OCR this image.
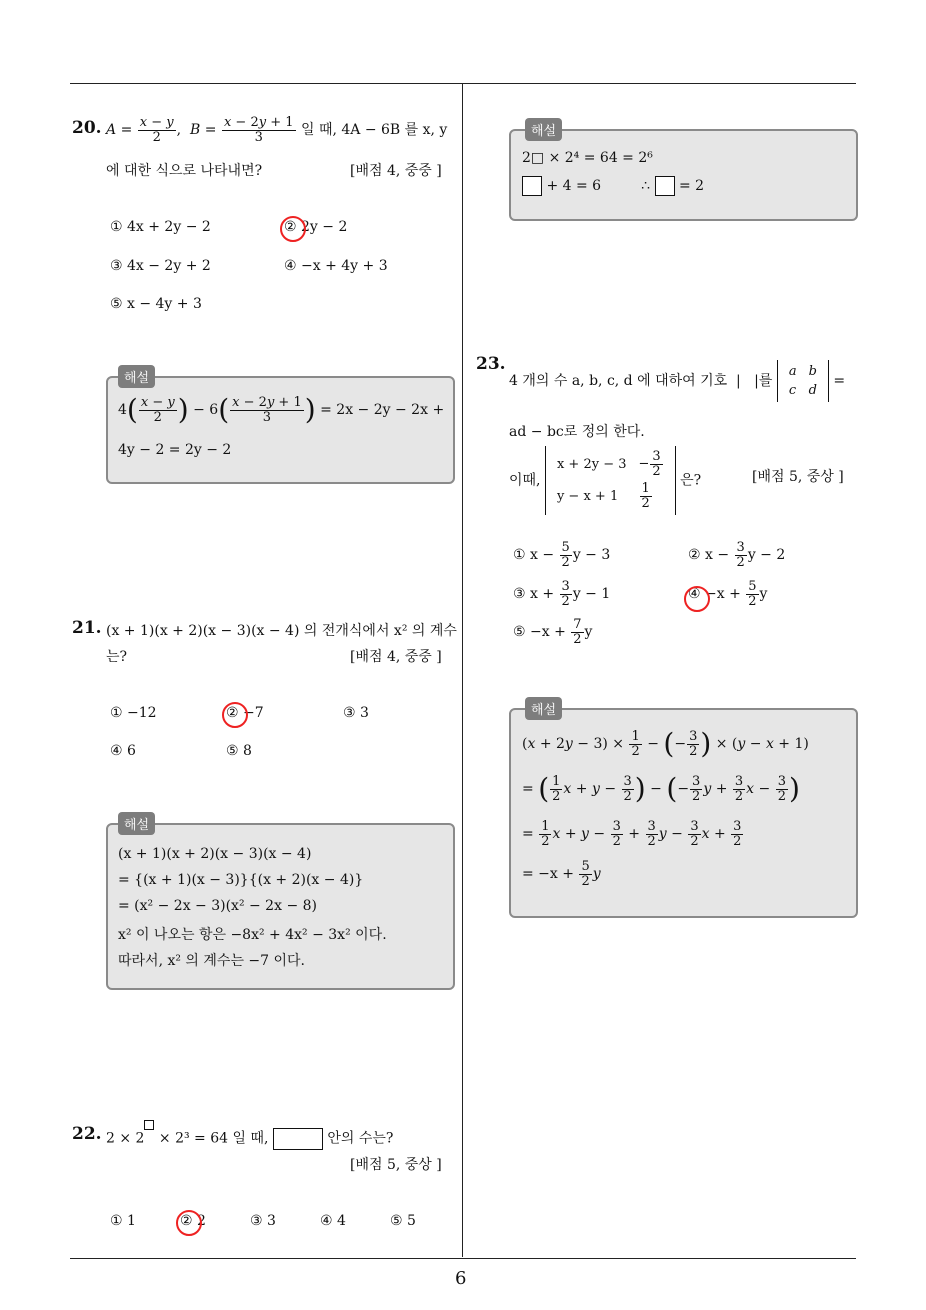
6
20. $A = \frac{x - y}{2}$ ,  $B = \frac{x - 2y + 1}{3}$ 일 때, 4A − 6B 를 x, y
에 대한 식으로 나타내면?	[배점 4, 중중 ]
① 4x + 2y − 2	② 2y − 2
③ 4x − 2y + 2	④ −x + 4y + 3
⑤ x − 4y + 3
해설
$4( \frac{x - y}{2}$ ) − $6( \frac{x - 2y + 1}{3}$ ) = 2x − 2y − 2x +
4y − 2 = 2y − 2
21. (x + 1)(x + 2)(x − 3)(x − 4) 의 전개식에서 x² 의 계수
는?	[배점 4, 중중 ]
① −12	② −7	③ 3
④ 6	⑤ 8
해설
(x + 1)(x + 2)(x − 3)(x − 4)
= {(x + 1)(x − 3)}{(x + 2)(x − 4)}
= (x² − 2x − 3)(x² − 2x − 8)
x² 이 나오는 항은 −8x² + 4x² − 3x² 이다.
따라서, x² 의 계수는 −7 이다.
22. 2 × 2 × 2³ = 64 일 때,	안의 수는?
[배점 5, 중상 ]
① 1	② 2	③ 3	④ 4	⑤ 5
해설
2□ × 2⁴ = 64 = 2⁶
+ 4 = 6	∴ = 2
23.
4 개의 수 a, b, c, d 에 대하여 기호  |   |를
a	b
c	d
=
ad − bc로 정의 한다.
이때,
x + 2y − 3	− $\frac{3}{2}$

y − x + 1	$\frac{1}{2}$
은?	[배점 5, 중상 ]
① $x - \frac{5}{2}$ y − 3	② $x - \frac{3}{2}$ y − 2
③ $x + \frac{3}{2}$ y − 1	④ $-x + \frac{5}{2}$ y
⑤ $-x + \frac{7}{2}$ y
해설
$(x + 2y - 3) \times \frac{1}{2}$ − (− $\frac{3}{2}$ ) × (y − x + 1)
= ( $\frac{1}{2}$ $x + y - \frac{3}{2}$ ) − (− $\frac{3}{2}$ $y + \frac{3}{2}$ $x - \frac{3}{2}$ )
= $\frac{1}{2}$ $x + y - \frac{3}{2} + \frac{3}{2}$ $y - \frac{3}{2}$ $x + \frac{3}{2}$
= $-x + \frac{5}{2}$ y
